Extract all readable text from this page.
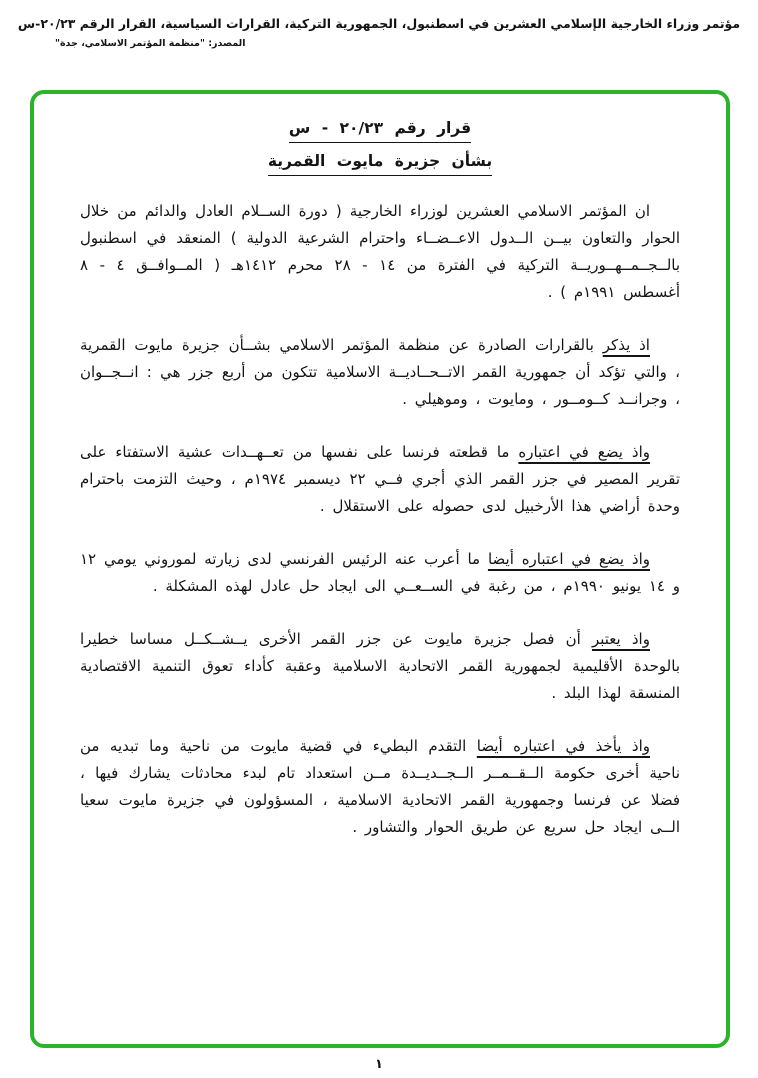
مؤتمر وزراء الخارجية الإسلامي العشرين في اسطنبول، الجمهورية التركية، القرارات السياسية، القرار الرقم ٢٠/٢٣-س
المصدر: "منظمة المؤتمر الاسلامي، جدة"
قرار رقم ٢٠/٢٣ - س
بشأن جزيرة مايوت القمرية

ان المؤتمر الاسلامي العشرين لوزراء الخارجية ( دورة الســلام العادل والدائم من خلال الحوار والتعاون بيــن الــدول الاعــضــاء واحترام الشرعية الدولية ) المنعقد في اسطنبول بالــجــمــهــوريــة التركية في الفترة من ١٤ - ٢٨ محرم ١٤١٢هـ ( المــوافــق ٤ - ٨ أغسطس ١٩٩١م ) .

اذ يذكر بالقرارات الصادرة عن منظمة المؤتمر الاسلامي بشــأن جزيرة مايوت القمرية ، والتي تؤكد أن جمهورية القمر الاتــحــاديــة الاسلامية تتكون من أربع جزر هي : انــجــوان ، وجرانــد كــومــور ، ومايوت ، وموهيلي .

واذ يضع في اعتباره ما قطعته فرنسا على نفسها من تعــهــدات عشية الاستفتاء على تقرير المصير في جزر القمر الذي أجري فــي ٢٢ ديسمبر ١٩٧٤م ، وحيث التزمت باحترام وحدة أراضي هذا الأرخبيل لدى حصوله على الاستقلال .

واذ يضع في اعتباره أيضا ما أعرب عنه الرئيس الفرنسي لدى زيارته لموروني يومي ١٢ و ١٤ يونيو ١٩٩٠م ، من رغبة في الســعــي الى ايجاد حل عادل لهذه المشكلة .

واذ يعتبر أن فصل جزيرة مايوت عن جزر القمر الأخرى يــشــكــل مساسا خطيرا بالوحدة الأقليمية لجمهورية القمر الاتحادية الاسلامية وعقبة كأداء تعوق التنمية الاقتصادية المنسقة لهذا البلد .

واذ يأخذ في اعتباره أيضا التقدم البطيء في قضية مايوت من ناحية وما تبديه من ناحية أخرى حكومة الــقــمــر الــجــديــدة مــن استعداد تام لبدء محادثات يشارك فيها ، فضلا عن فرنسا وجمهورية القمر الاتحادية الاسلامية ، المسؤولون في جزيرة مايوت سعيا الــى ايجاد حل سريع عن طريق الحوار والتشاور .

١
